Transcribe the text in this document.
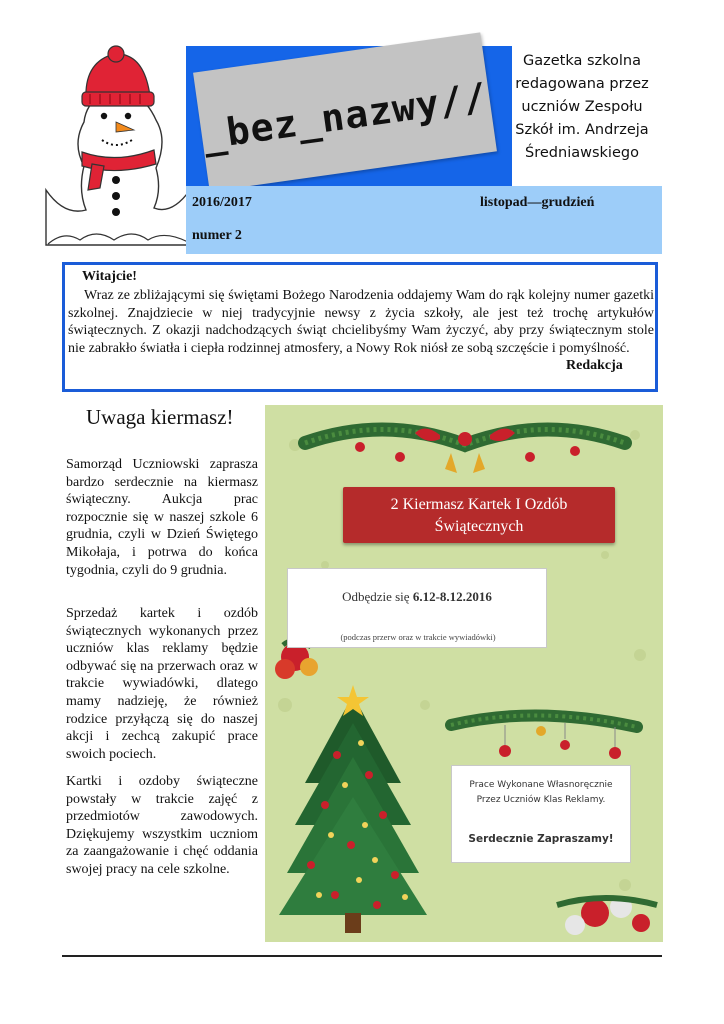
_bez_nazwy//
Gazetka szkolna
redagowana przez
uczniów Zespołu
Szkół im. Andrzeja
Średniawskiego
2016/2017
numer 2
listopad—grudzień
Witajcie!
Wraz ze zbliżającymi się świętami Bożego Narodzenia oddajemy Wam do rąk kolejny numer gazetki szkolnej. Znajdziecie w niej tradycyjnie newsy z życia szkoły, ale jest też trochę artykułów świątecznych. Z okazji nadchodzących świąt chcielibyśmy Wam życzyć, aby przy świątecznym stole nie zabrakło światła i ciepła rodzinnej atmosfery, a Nowy Rok niósł ze sobą szczęście i pomyślność.
Redakcja
Uwaga kiermasz!
Samorząd Uczniowski zaprasza bardzo serdecznie na kiermasz świąteczny. Aukcja prac rozpocznie się w naszej szkole 6 grudnia, czyli w Dzień Świętego Mikołaja, i potrwa do końca tygodnia, czyli do 9 grudnia.
Sprzedaż kartek i ozdób świątecznych wykonanych przez uczniów klas reklamy będzie odbywać się na przerwach oraz w trakcie wywiadówki, dlatego mamy nadzieję, że również rodzice przyłączą się do naszej akcji i zechcą zakupić prace swoich pociech.
Kartki i ozdoby świąteczne powstały w trakcie zajęć z przedmiotów zawodowych. Dziękujemy wszystkim uczniom za zaangażowanie i chęć oddania swojej pracy na cele szkolne.
2 Kiermasz Kartek I Ozdób
Świątecznych
Odbędzie się 6.12-8.12.2016
(podczas przerw oraz w trakcie wywiadówki)
Prace Wykonane Własnoręcznie
Przez Uczniów Klas Reklamy.
Serdecznie Zapraszamy!
